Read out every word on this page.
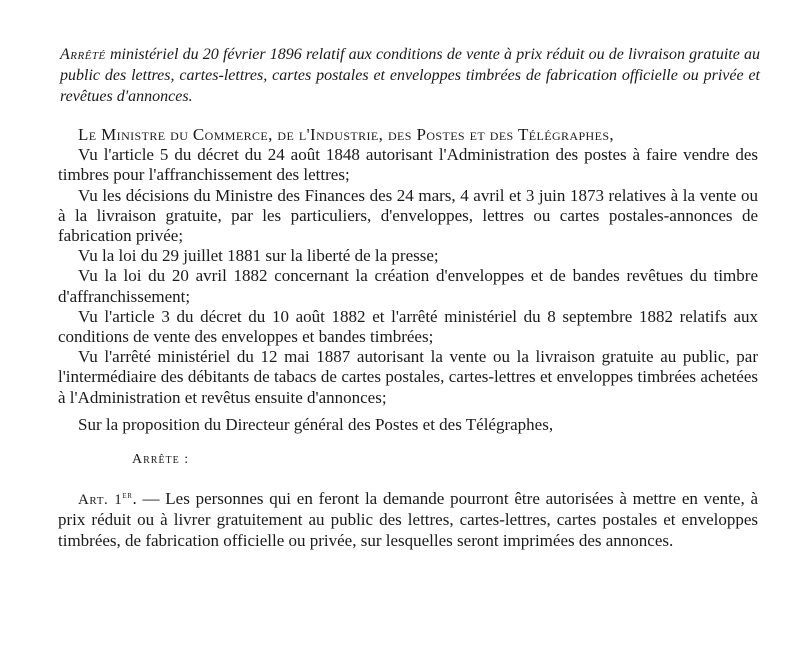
Arrêté ministériel du 20 février 1896 relatif aux conditions de vente à prix réduit ou de livraison gratuite au public des lettres, cartes-lettres, cartes postales et enveloppes timbrées de fabrication officielle ou privée et revêtues d'annonces.

Le Ministre du Commerce, de l'Industrie, des Postes et des Télégraphes,

Vu l'article 5 du décret du 24 août 1848 autorisant l'Administration des postes à faire vendre des timbres pour l'affranchissement des lettres;

Vu les décisions du Ministre des Finances des 24 mars, 4 avril et 3 juin 1873 relatives à la vente ou à la livraison gratuite, par les particuliers, d'enveloppes, lettres ou cartes postales-annonces de fabrication privée;

Vu la loi du 29 juillet 1881 sur la liberté de la presse;

Vu la loi du 20 avril 1882 concernant la création d'enveloppes et de bandes revêtues du timbre d'affranchissement;

Vu l'article 3 du décret du 10 août 1882 et l'arrêté ministériel du 8 septembre 1882 relatifs aux conditions de vente des enveloppes et bandes timbrées;

Vu l'arrêté ministériel du 12 mai 1887 autorisant la vente ou la livraison gratuite au public, par l'intermédiaire des débitants de tabacs de cartes postales, cartes-lettres et enveloppes timbrées achetées à l'Administration et revêtus ensuite d'annonces;

Sur la proposition du Directeur général des Postes et des Télégraphes,

Arrête :

Art. 1er. — Les personnes qui en feront la demande pourront être autorisées à mettre en vente, à prix réduit ou à livrer gratuitement au public des lettres, cartes-lettres, cartes postales et enveloppes timbrées, de fabrication officielle ou privée, sur lesquelles seront imprimées des annonces.
